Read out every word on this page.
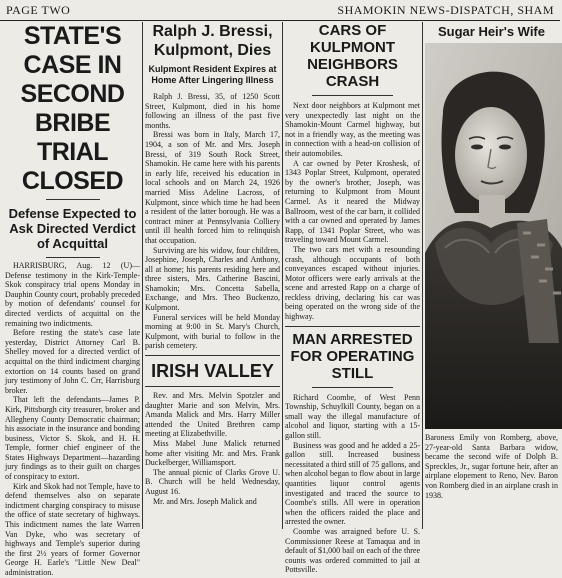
PAGE TWO	SHAMOKIN NEWS-DISPATCH, SHAM
STATE'S CASE IN SECOND BRIBE TRIAL CLOSED
Defense Expected to Ask Directed Verdict of Acquittal

HARRISBURG, Aug. 12 (U)—Defense testimony in the Kirk-Temple-Skok conspiracy trial opens Monday in Dauphin County court, probably preceded by motion of defendants' counsel for directed verdicts of acquittal on the remaining two indictments.

Before resting the state's case late yesterday, District Attorney Carl B. Shelley moved for a directed verdict of acquittal on the third indictment charging extortion on 14 counts based on grand jury testimony of John C. Crr, Harrisburg broker.

That left the defendants—James P. Kirk, Pittsburgh city treasurer, broker and Allegheny County Democratic chairman; his associate in the insurance and bonding business, Victor S. Skok, and H. H. Temple, former chief engineer of the States Highways Department—hazarding jury findings as to their guilt on charges of conspiracy to extort.

Kirk and Skok had not Temple, have to defend themselves also on separate indictment charging conspiracy to misuse the office of state secretary of highways. This indictment names the late Warren Van Dyke, who was secretary of highways and Temple's superior during the first 2½ years of former Governor George H. Earle's "Little New Deal" administration.

Ralph J. Bressi, Kulpmont, Dies
Kulpmont Resident Expires at Home After Lingering Illness

Ralph J. Bressi, 35, of 1250 Scott Street, Kulpmont, died in his home following an illness of the past five months.

Bressi was born in Italy, March 17, 1904, a son of Mr. and Mrs. Joseph Bressi, of 319 South Rock Street, Shamokin. He came here with his parents in early life, received his education in local schools and on March 24, 1926 married Miss Adeline Lacross, of Kulpmont, since which time he had been a resident of the latter borough. He was a contract miner at Pennsylvania Colliery until ill health forced him to relinquish that occupation.

Surviving are his widow, four children, Josephine, Joseph, Charles and Anthony, all at home; his parents residing here and three sisters, Mrs. Catherine Bascini, Shamokin; Mrs. Concetta Sabella, Exchange, and Mrs. Theo Buckenzo, Kulpmont.

Funeral services will be held Monday morning at 9:00 in St. Mary's Church, Kulpmont, with burial to follow in the parish cemetery.

IRISH VALLEY

Rev. and Mrs. Melvin Spotzler and daughter Marie and son Melvin, Mrs. Amanda Malick and Mrs. Harry Miller attended the United Brethren camp meeting at Elizabethville.

Miss Mabel June Malick returned home after visiting Mr. and Mrs. Frank Duckelberger, Williamsport.

The annual picnic of Clarks Grove U. B. Church will be held Wednesday, August 16.

Mr. and Mrs. Joseph Malick and

CARS OF KULPMONT NEIGHBORS CRASH

Next door neighbors at Kulpmont met very unexpectedly last night on the Shamokin-Mount Carmel highway, but not in a friendly way, as the meeting was in connection with a head-on collision of their automobiles.

A car owned by Peter Kroshesk, of 1343 Poplar Street, Kulpmont, operated by the owner's brother, Joseph, was returning to Kulpmont from Mount Carmel. As it neared the Midway Ballroom, west of the car barn, it collided with a car owned and operated by James Rapp, of 1341 Poplar Street, who was traveling toward Mount Carmel.

The two cars met with a resounding crash, although occupants of both conveyances escaped without injuries. Motor officers were early arrivals at the scene and arrested Rapp on a charge of reckless driving, declaring his car was being operated on the wrong side of the highway.

MAN ARRESTED FOR OPERATING STILL

Richard Coombe, of West Penn Township, Schuylkill County, began on a small way the illegal manufacture of alcohol and liquor, starting with a 15-gallon still.

Business was good and he added a 25-gallon still. Increased business necessitated a third still of 75 gallons, and when alcohol began to flow about in large quantities liquor control agents investigated and traced the source to Coombe's stills. All were in operation when the officers raided the place and arrested the owner.

Coombe was arraigned before U. S. Commissioner Reese at Tamaqua and in default of $1,000 bail on each of the three counts was ordered committed to jail at Pottsville.

Sugar Heir's Wife
Baroness Emily von Romberg, above, 27-year-old Santa Barbara widow, became the second wife of Dolph B. Spreckles, Jr., sugar fortune heir, after an airplane elopement to Reno, Nev. Baron von Romberg died in an airplane crash in 1938.
